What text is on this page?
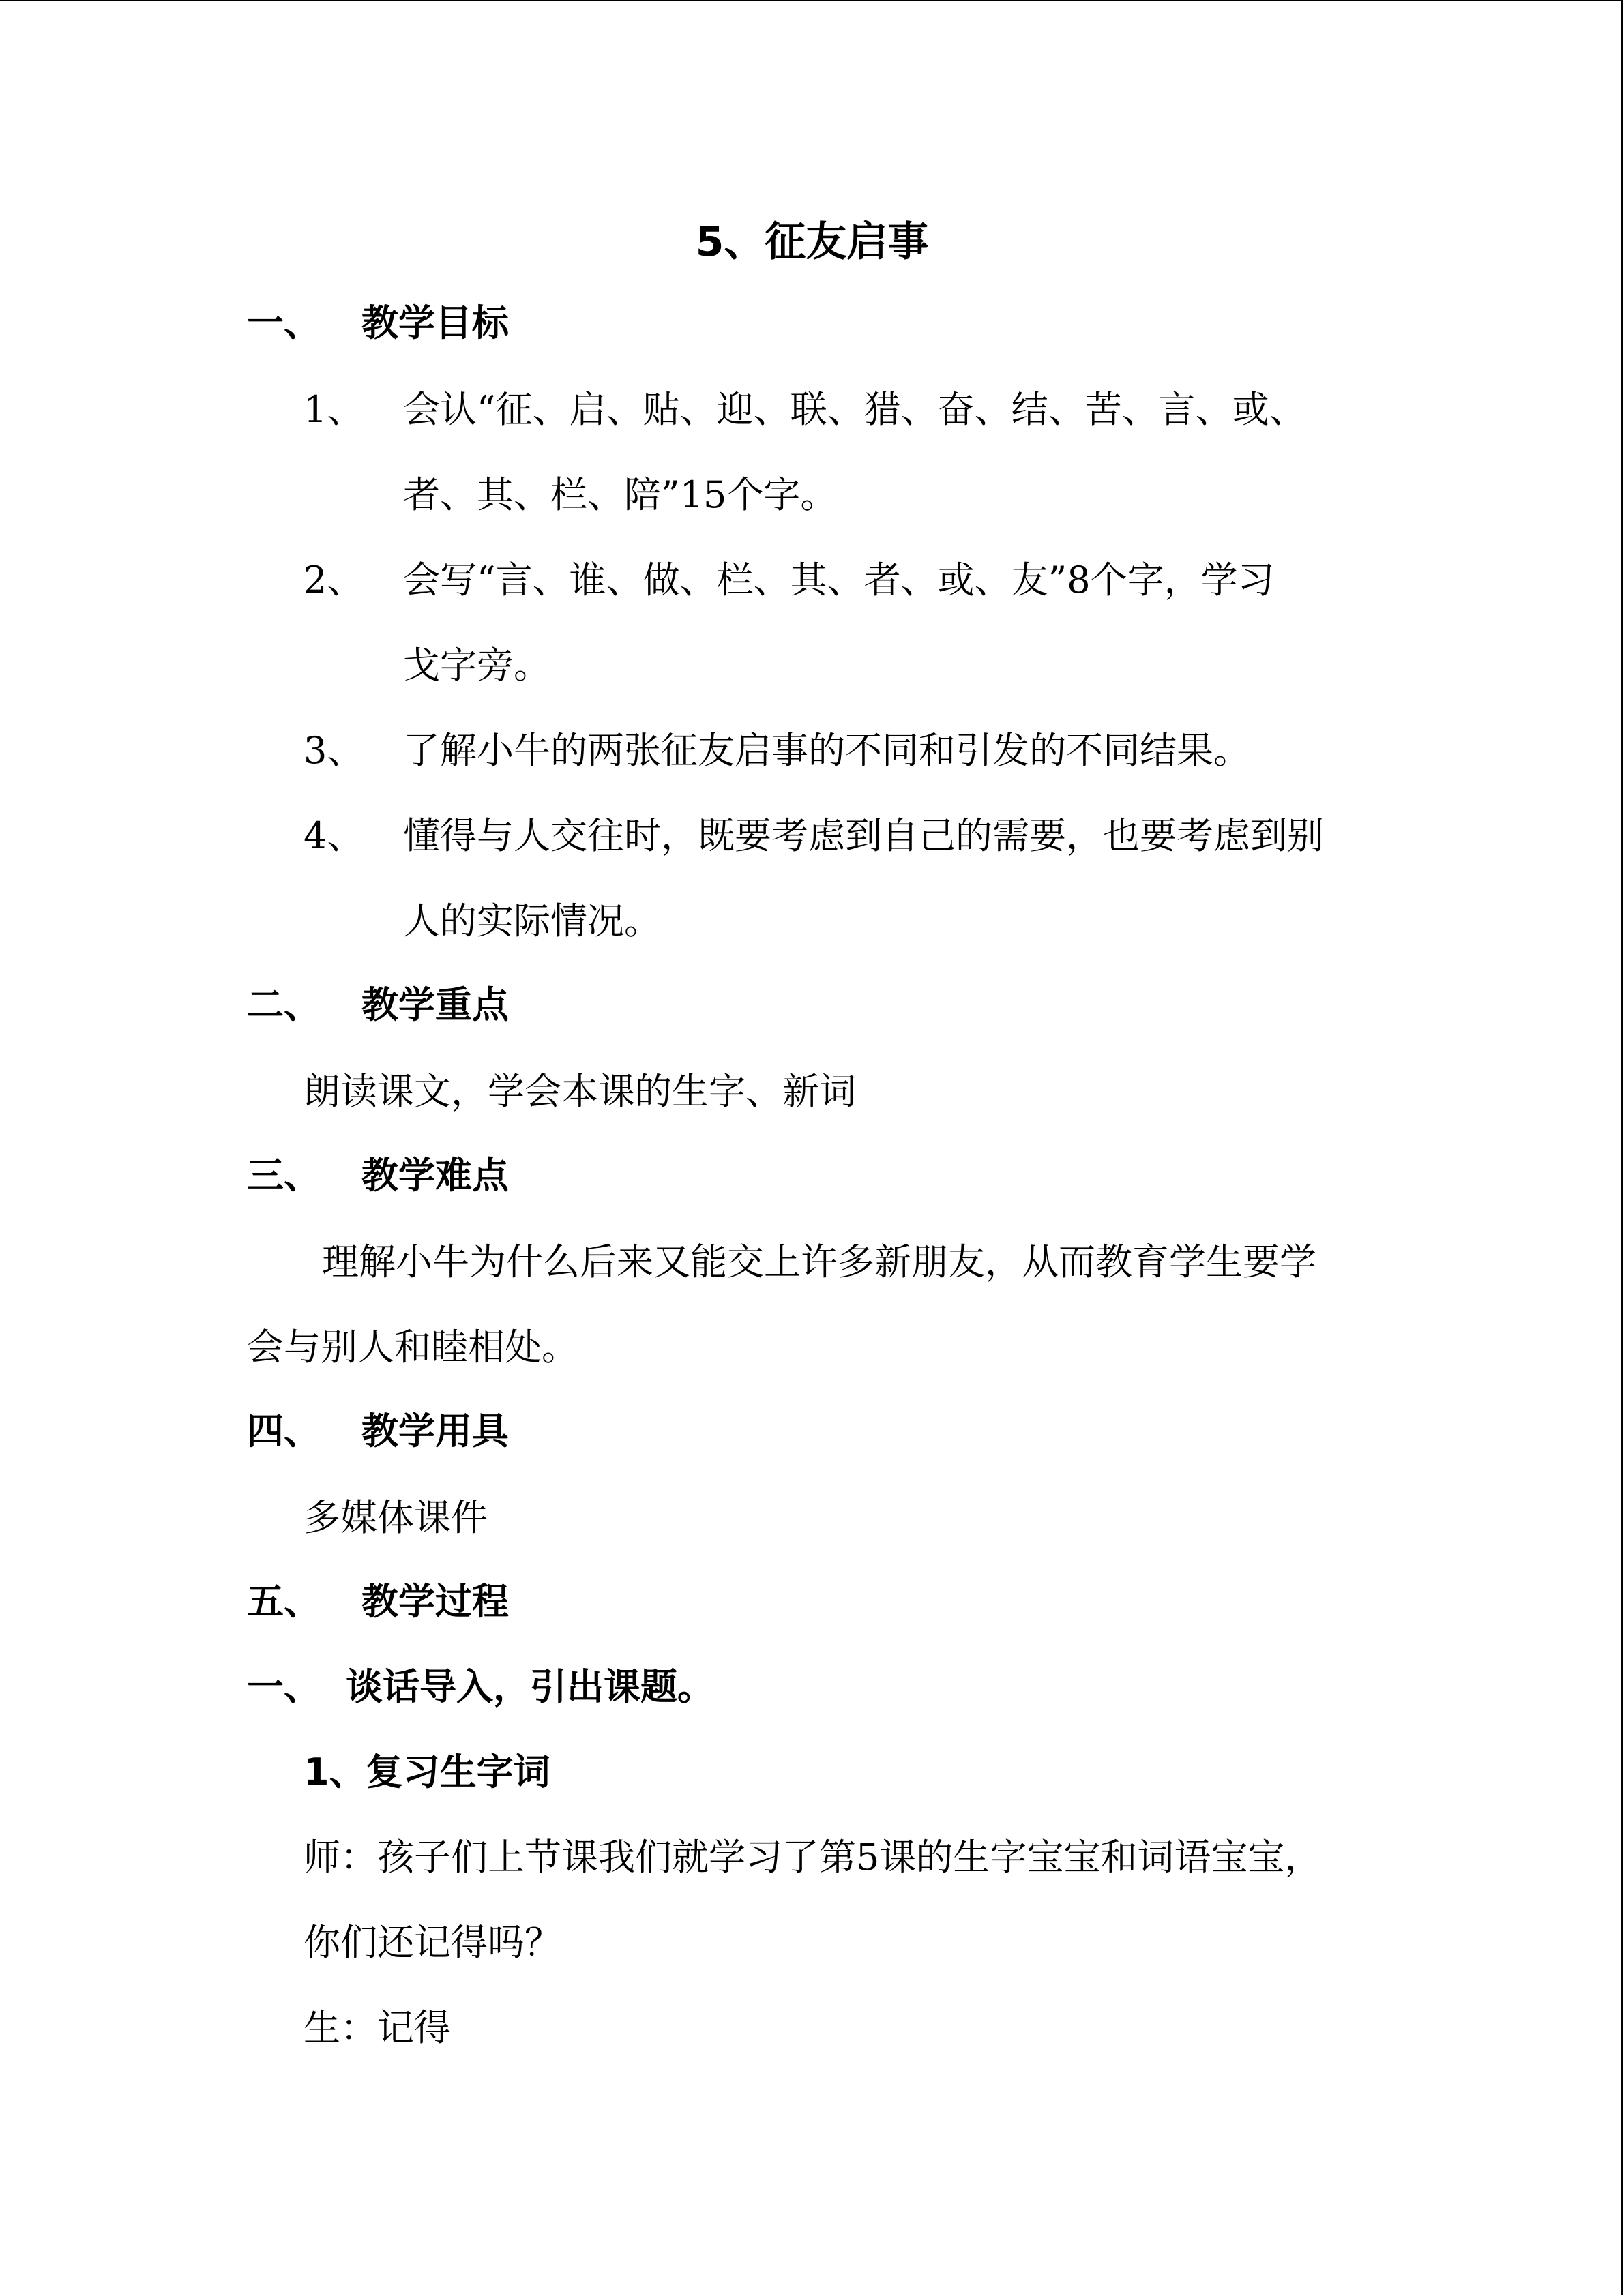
5、征友启事
一、 教学目标
1、 会认“征、启、贴、迎、联、猎、奋、结、苦、言、或、
者、其、栏、陪”15个字。
2、 会写“言、谁、做、栏、其、者、或、友”8个字，学习
戈字旁。
3、 了解小牛的两张征友启事的不同和引发的不同结果。
4、 懂得与人交往时，既要考虑到自己的需要，也要考虑到别
人的实际情况。
二、 教学重点
朗读课文，学会本课的生字、新词
三、 教学难点
理解小牛为什么后来又能交上许多新朋友，从而教育学生要学
会与别人和睦相处。
四、 教学用具
多媒体课件
五、 教学过程
一、 谈话导入，引出课题。
1、复习生字词
师：孩子们上节课我们就学习了第5课的生字宝宝和词语宝宝，
你们还记得吗？
生：记得
